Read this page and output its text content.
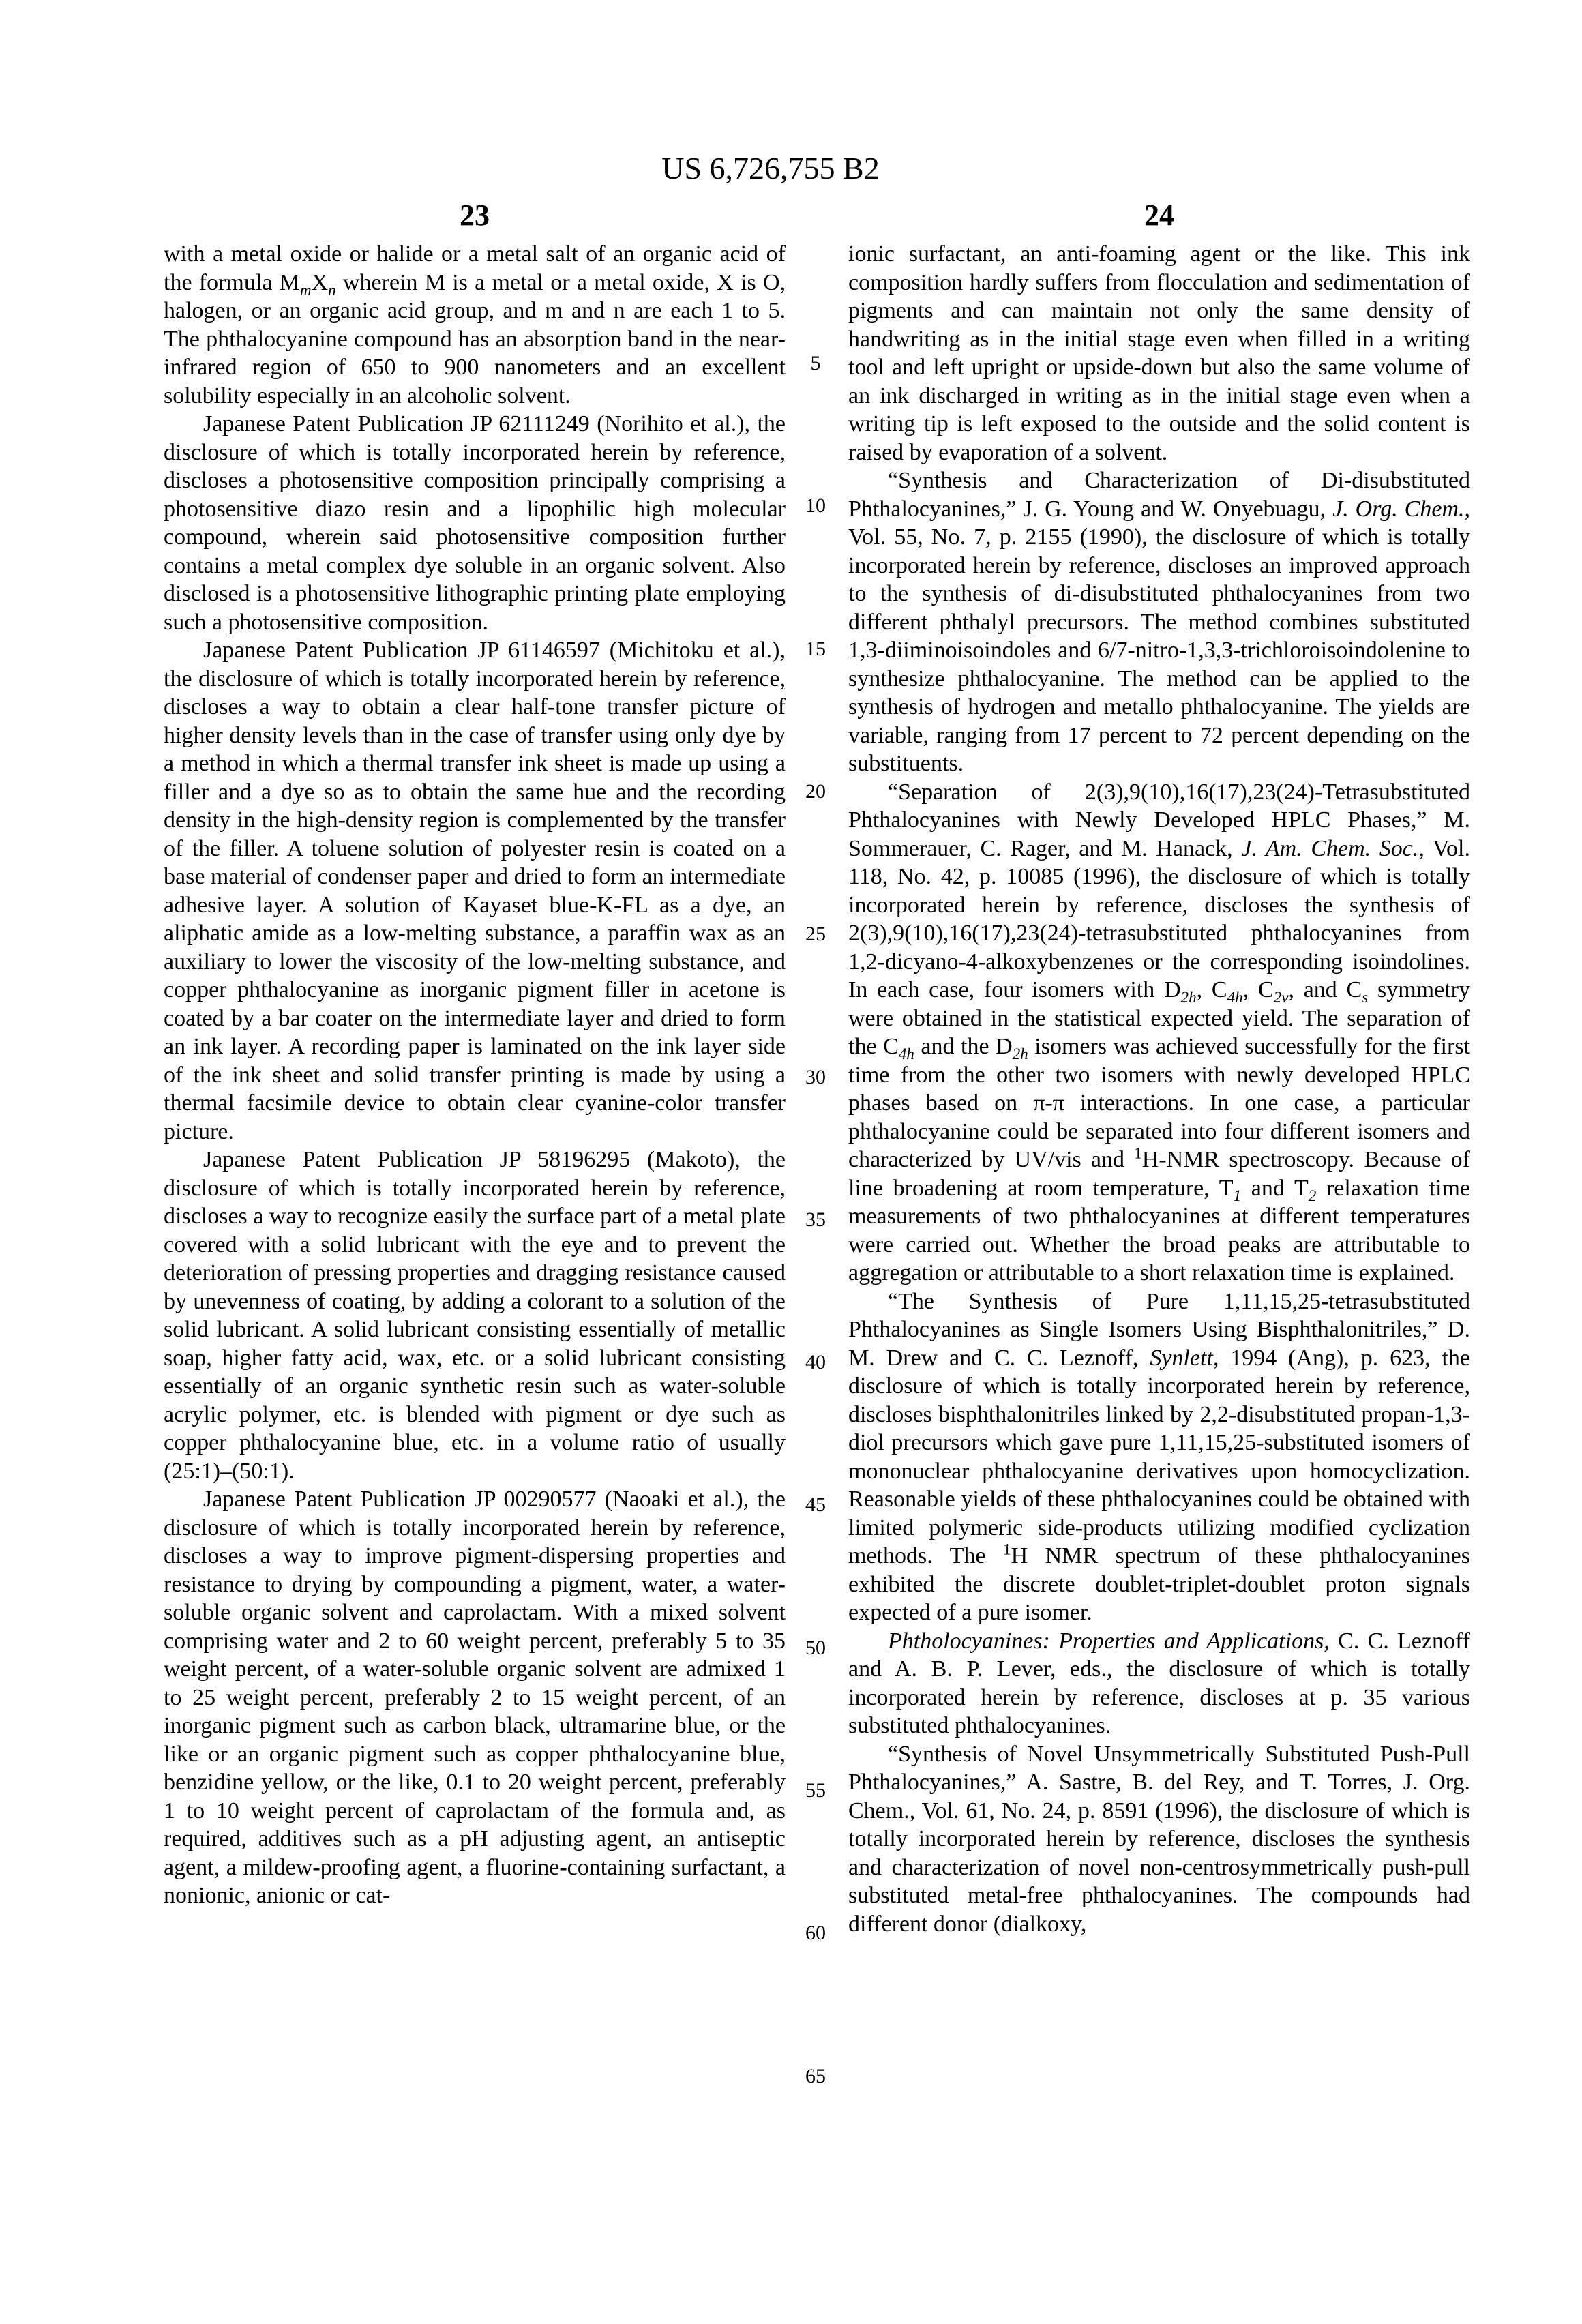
US 6,726,755 B2
23	24

with a metal oxide or halide or a metal salt of an organic acid of the formula $M_mX_n$ wherein M is a metal or a metal oxide, X is O, halogen, or an organic acid group, and m and n are each 1 to 5. The phthalocyanine compound has an absorption band in the near-infrared region of 650 to 900 nanometers and an excellent solubility especially in an alcoholic solvent.

Japanese Patent Publication JP 62111249 (Norihito et al.), the disclosure of which is totally incorporated herein by reference, discloses a photosensitive composition principally comprising a photosensitive diazo resin and a lipophilic high molecular compound, wherein said photosensitive composition further contains a metal complex dye soluble in an organic solvent. Also disclosed is a photosensitive lithographic printing plate employing such a photosensitive composition.

Japanese Patent Publication JP 61146597 (Michitoku et al.), the disclosure of which is totally incorporated herein by reference, discloses a way to obtain a clear half-tone transfer picture of higher density levels than in the case of transfer using only dye by a method in which a thermal transfer ink sheet is made up using a filler and a dye so as to obtain the same hue and the recording density in the high-density region is complemented by the transfer of the filler. A toluene solution of polyester resin is coated on a base material of condenser paper and dried to form an intermediate adhesive layer. A solution of Kayaset blue-K-FL as a dye, an aliphatic amide as a low-melting substance, a paraffin wax as an auxiliary to lower the viscosity of the low-melting substance, and copper phthalocyanine as inorganic pigment filler in acetone is coated by a bar coater on the intermediate layer and dried to form an ink layer. A recording paper is laminated on the ink layer side of the ink sheet and solid transfer printing is made by using a thermal facsimile device to obtain clear cyanine-color transfer picture.

Japanese Patent Publication JP 58196295 (Makoto), the disclosure of which is totally incorporated herein by reference, discloses a way to recognize easily the surface part of a metal plate covered with a solid lubricant with the eye and to prevent the deterioration of pressing properties and dragging resistance caused by unevenness of coating, by adding a colorant to a solution of the solid lubricant. A solid lubricant consisting essentially of metallic soap, higher fatty acid, wax, etc. or a solid lubricant consisting essentially of an organic synthetic resin such as water-soluble acrylic polymer, etc. is blended with pigment or dye such as copper phthalocyanine blue, etc. in a volume ratio of usually (25:1)–(50:1).

Japanese Patent Publication JP 00290577 (Naoaki et al.), the disclosure of which is totally incorporated herein by reference, discloses a way to improve pigment-dispersing properties and resistance to drying by compounding a pigment, water, a water-soluble organic solvent and caprolactam. With a mixed solvent comprising water and 2 to 60 weight percent, preferably 5 to 35 weight percent, of a water-soluble organic solvent are admixed 1 to 25 weight percent, preferably 2 to 15 weight percent, of an inorganic pigment such as carbon black, ultramarine blue, or the like or an organic pigment such as copper phthalocyanine blue, benzidine yellow, or the like, 0.1 to 20 weight percent, preferably 1 to 10 weight percent of caprolactam of the formula and, as required, additives such as a pH adjusting agent, an antiseptic agent, a mildew-proofing agent, a fluorine-containing surfactant, a nonionic, anionic or cat-

ionic surfactant, an anti-foaming agent or the like. This ink composition hardly suffers from flocculation and sedimentation of pigments and can maintain not only the same density of handwriting as in the initial stage even when filled in a writing tool and left upright or upside-down but also the same volume of an ink discharged in writing as in the initial stage even when a writing tip is left exposed to the outside and the solid content is raised by evaporation of a solvent.

“Synthesis and Characterization of Di-disubstituted Phthalocyanines,” J. G. Young and W. Onyebuagu, J. Org. Chem., Vol. 55, No. 7, p. 2155 (1990), the disclosure of which is totally incorporated herein by reference, discloses an improved approach to the synthesis of di-disubstituted phthalocyanines from two different phthalyl precursors. The method combines substituted 1,3-diiminoisoindoles and 6/7-nitro-1,3,3-trichloroisoindolenine to synthesize phthalocyanine. The method can be applied to the synthesis of hydrogen and metallo phthalocyanine. The yields are variable, ranging from 17 percent to 72 percent depending on the substituents.

“Separation of 2(3),9(10),16(17),23(24)-Tetrasubstituted Phthalocyanines with Newly Developed HPLC Phases,” M. Sommerauer, C. Rager, and M. Hanack, J. Am. Chem. Soc., Vol. 118, No. 42, p. 10085 (1996), the disclosure of which is totally incorporated herein by reference, discloses the synthesis of 2(3),9(10),16(17),23(24)-tetrasubstituted phthalocyanines from 1,2-dicyano-4-alkoxybenzenes or the corresponding isoindolines. In each case, four isomers with $D_{2h}$, $C_{4h}$, $C_{2v}$, and $C_s$ symmetry were obtained in the statistical expected yield. The separation of the $C_{4h}$ and the $D_{2h}$ isomers was achieved successfully for the first time from the other two isomers with newly developed HPLC phases based on π-π interactions. In one case, a particular phthalocyanine could be separated into four different isomers and characterized by UV/vis and $^1$H-NMR spectroscopy. Because of line broadening at room temperature, $T_1$ and $T_2$ relaxation time measurements of two phthalocyanines at different temperatures were carried out. Whether the broad peaks are attributable to aggregation or attributable to a short relaxation time is explained.

“The Synthesis of Pure 1,11,15,25-tetrasubstituted Phthalocyanines as Single Isomers Using Bisphthalonitriles,” D. M. Drew and C. C. Leznoff, Synlett, 1994 (Ang), p. 623, the disclosure of which is totally incorporated herein by reference, discloses bisphthalonitriles linked by 2,2-disubstituted propan-1,3-diol precursors which gave pure 1,11,15,25-substituted isomers of mononuclear phthalocyanine derivatives upon homocyclization. Reasonable yields of these phthalocyanines could be obtained with limited polymeric side-products utilizing modified cyclization methods. The $^1$H NMR spectrum of these phthalocyanines exhibited the discrete doublet-triplet-doublet proton signals expected of a pure isomer.

Phtholocyanines: Properties and Applications, C. C. Leznoff and A. B. P. Lever, eds., the disclosure of which is totally incorporated herein by reference, discloses at p. 35 various substituted phthalocyanines.

“Synthesis of Novel Unsymmetrically Substituted Push-Pull Phthalocyanines,” A. Sastre, B. del Rey, and T. Torres, J. Org. Chem., Vol. 61, No. 24, p. 8591 (1996), the disclosure of which is totally incorporated herein by reference, discloses the synthesis and characterization of novel non-centrosymmetrically push-pull substituted metal-free phthalocyanines. The compounds had different donor (dialkoxy,

5
10
15
20
25
30
35
40
45
50
55
60
65
